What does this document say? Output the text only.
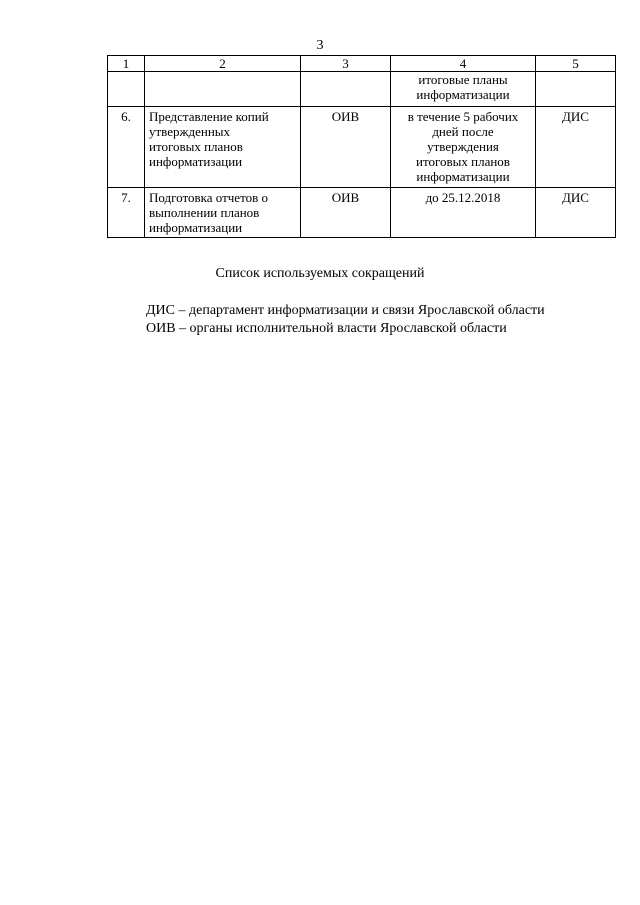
3
1	2	3	4	5

			итоговые планы
информатизации	

6.	Представление копий
утвержденных
итоговых планов
информатизации	ОИВ	в течение 5 рабочих
дней после
утверждения
итоговых планов
информатизации	ДИС
7.	Подготовка отчетов о
выполнении планов
информатизации	ОИВ	до 25.12.2018	ДИС
Список используемых сокращений
ДИС – департамент информатизации и связи Ярославской области
ОИВ – органы исполнительной власти Ярославской области
